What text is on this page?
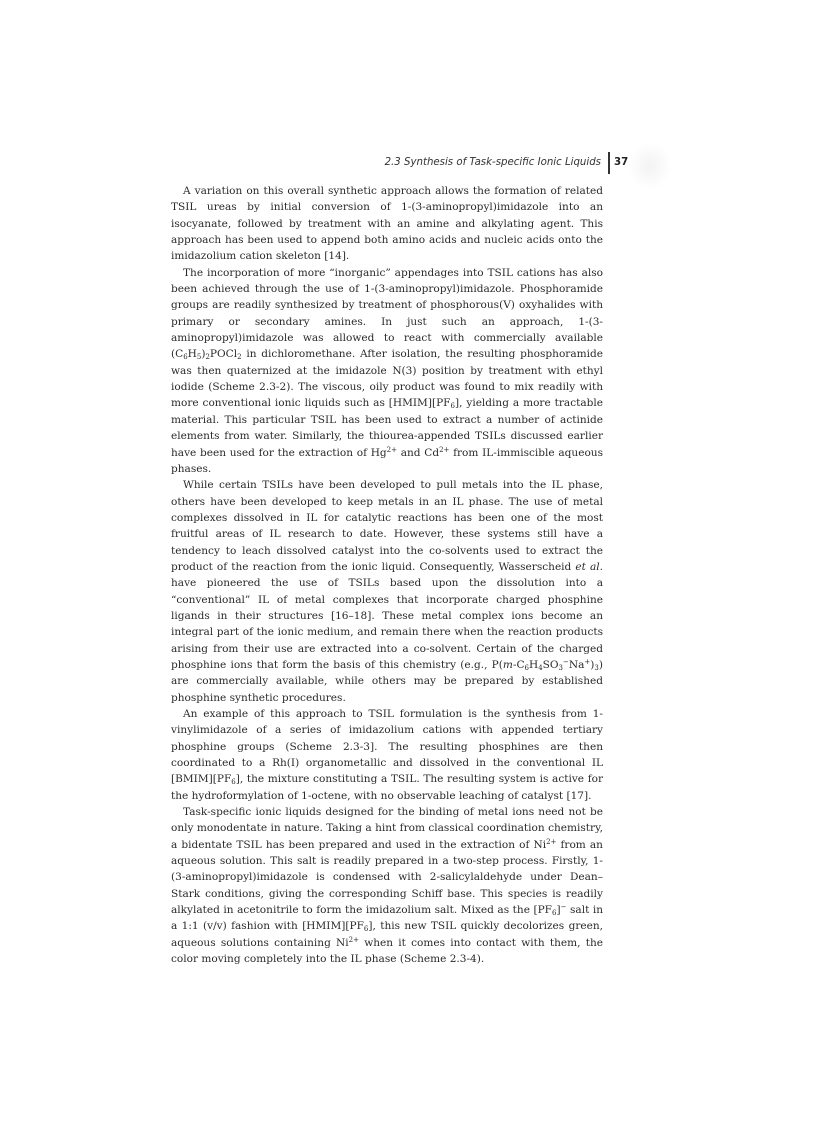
2.3 Synthesis of Task-specific Ionic Liquids 37

A variation on this overall synthetic approach allows the formation of related TSIL ureas by initial conversion of 1-(3-aminopropyl)imidazole into an isocyanate, followed by treatment with an amine and alkylating agent. This approach has been used to append both amino acids and nucleic acids onto the imidazolium cation skeleton [14].

The incorporation of more “inorganic” appendages into TSIL cations has also been achieved through the use of 1-(3-aminopropyl)imidazole. Phosphoramide groups are readily synthesized by treatment of phosphorous(V) oxyhalides with primary or secondary amines. In just such an approach, 1-(3-aminopropyl)imidazole was allowed to react with commercially available $(C_6H_5)_2POCl_2$ in dichloromethane. After isolation, the resulting phosphoramide was then quaternized at the imidazole N(3) position by treatment with ethyl iodide (Scheme 2.3-2). The viscous, oily product was found to mix readily with more conventional ionic liquids such as $[HMIM][PF_6]$, yielding a more tractable material. This particular TSIL has been used to extract a number of actinide elements from water. Similarly, the thiourea-appended TSILs discussed earlier have been used for the extraction of $Hg^{2+}$ and $Cd^{2+}$ from IL-immiscible aqueous phases.

While certain TSILs have been developed to pull metals into the IL phase, others have been developed to keep metals in an IL phase. The use of metal complexes dissolved in IL for catalytic reactions has been one of the most fruitful areas of IL research to date. However, these systems still have a tendency to leach dissolved catalyst into the co-solvents used to extract the product of the reaction from the ionic liquid. Consequently, Wasserscheid et al. have pioneered the use of TSILs based upon the dissolution into a “conventional” IL of metal complexes that incorporate charged phosphine ligands in their structures [16–18]. These metal complex ions become an integral part of the ionic medium, and remain there when the reaction products arising from their use are extracted into a co-solvent. Certain of the charged phosphine ions that form the basis of this chemistry (e.g., $P(m-C_6H_4SO_3^-Na^+)_3$) are commercially available, while others may be prepared by established phosphine synthetic procedures.

An example of this approach to TSIL formulation is the synthesis from 1-vinylimidazole of a series of imidazolium cations with appended tertiary phosphine groups (Scheme 2.3-3]. The resulting phosphines are then coordinated to a Rh(I) organometallic and dissolved in the conventional IL $[BMIM][PF_6]$, the mixture constituting a TSIL. The resulting system is active for the hydroformylation of 1-octene, with no observable leaching of catalyst [17].

Task-specific ionic liquids designed for the binding of metal ions need not be only monodentate in nature. Taking a hint from classical coordination chemistry, a bidentate TSIL has been prepared and used in the extraction of $Ni^{2+}$ from an aqueous solution. This salt is readily prepared in a two-step process. Firstly, 1-(3-aminopropyl)imidazole is condensed with 2-salicylaldehyde under Dean–Stark conditions, giving the corresponding Schiff base. This species is readily alkylated in acetonitrile to form the imidazolium salt. Mixed as the $[PF_6]^-$ salt in a 1:1 (v/v) fashion with $[HMIM][PF_6]$, this new TSIL quickly decolorizes green, aqueous solutions containing $Ni^{2+}$ when it comes into contact with them, the color moving completely into the IL phase (Scheme 2.3-4).
